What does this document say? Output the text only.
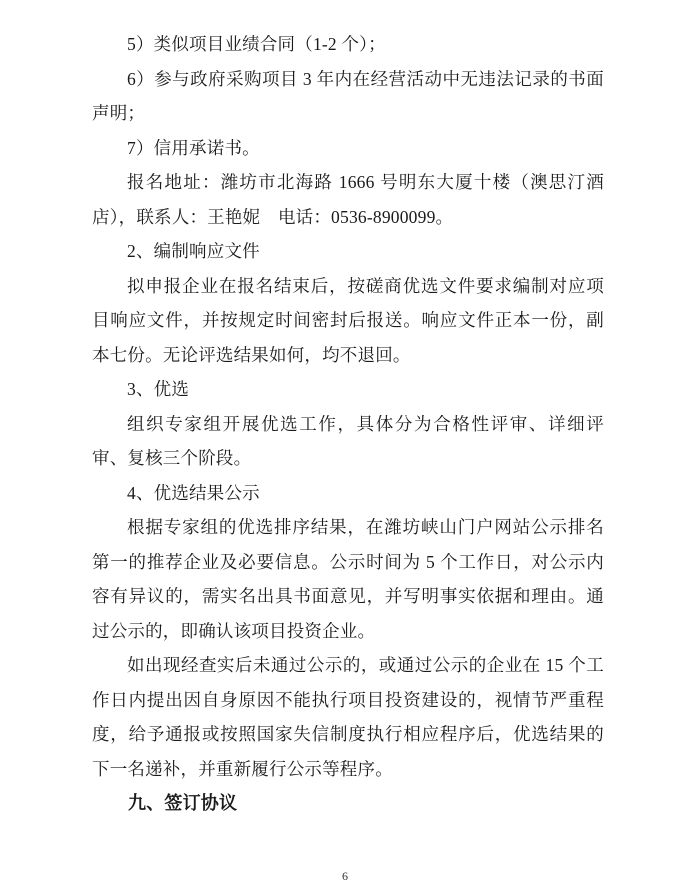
5）类似项目业绩合同（1-2 个）；

6）参与政府采购项目 3 年内在经营活动中无违法记录的书面声明；

7）信用承诺书。

报名地址：潍坊市北海路 1666 号明东大厦十楼（澳思汀酒店），联系人：王艳妮　电话：0536-8900099。

2、编制响应文件

拟申报企业在报名结束后，按磋商优选文件要求编制对应项目响应文件，并按规定时间密封后报送。响应文件正本一份，副本七份。无论评选结果如何，均不退回。

3、优选

组织专家组开展优选工作，具体分为合格性评审、详细评审、复核三个阶段。

4、优选结果公示

根据专家组的优选排序结果，在潍坊峡山门户网站公示排名第一的推荐企业及必要信息。公示时间为 5 个工作日，对公示内容有异议的，需实名出具书面意见，并写明事实依据和理由。通过公示的，即确认该项目投资企业。

如出现经查实后未通过公示的，或通过公示的企业在 15 个工作日内提出因自身原因不能执行项目投资建设的，视情节严重程度，给予通报或按照国家失信制度执行相应程序后，优选结果的下一名递补，并重新履行公示等程序。

九、签订协议

6
